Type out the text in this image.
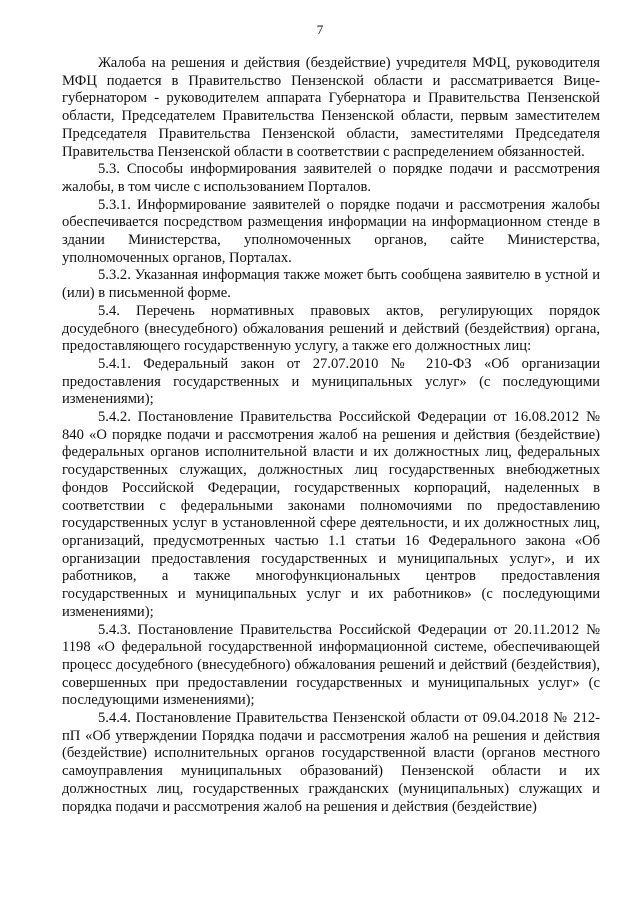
7

Жалоба на решения и действия (бездействие) учредителя МФЦ, руководителя МФЦ подается в Правительство Пензенской области и рассматривается Вице-губернатором - руководителем аппарата Губернатора и Правительства Пензенской области, Председателем Правительства Пензенской области, первым заместителем Председателя Правительства Пензенской области, заместителями Председателя Правительства Пензенской области в соответствии с распределением обязанностей.

5.3. Способы информирования заявителей о порядке подачи и рассмотрения жалобы, в том числе с использованием Порталов.

5.3.1. Информирование заявителей о порядке подачи и рассмотрения жалобы обеспечивается посредством размещения информации на информационном стенде в здании Министерства, уполномоченных органов, сайте Министерства, уполномоченных органов, Порталах.

5.3.2. Указанная информация также может быть сообщена заявителю в устной и (или) в письменной форме.

5.4. Перечень нормативных правовых актов, регулирующих порядок досудебного (внесудебного) обжалования решений и действий (бездействия) органа, предоставляющего государственную услугу, а также его должностных лиц:

5.4.1. Федеральный закон от 27.07.2010 № 210-ФЗ «Об организации предоставления государственных и муниципальных услуг» (с последующими изменениями);

5.4.2. Постановление Правительства Российской Федерации от 16.08.2012 № 840 «О порядке подачи и рассмотрения жалоб на решения и действия (бездействие) федеральных органов исполнительной власти и их должностных лиц, федеральных государственных служащих, должностных лиц государственных внебюджетных фондов Российской Федерации, государственных корпораций, наделенных в соответствии с федеральными законами полномочиями по предоставлению государственных услуг в установленной сфере деятельности, и их должностных лиц, организаций, предусмотренных частью 1.1 статьи 16 Федерального закона «Об организации предоставления государственных и муниципальных услуг», и их работников, а также многофункциональных центров предоставления государственных и муниципальных услуг и их работников» (с последующими изменениями);

5.4.3. Постановление Правительства Российской Федерации от 20.11.2012 № 1198 «О федеральной государственной информационной системе, обеспечивающей процесс досудебного (внесудебного) обжалования решений и действий (бездействия), совершенных при предоставлении государственных и муниципальных услуг» (с последующими изменениями);

5.4.4. Постановление Правительства Пензенской области от 09.04.2018 № 212-пП «Об утверждении Порядка подачи и рассмотрения жалоб на решения и действия (бездействие) исполнительных органов государственной власти (органов местного самоуправления муниципальных образований) Пензенской области и их должностных лиц, государственных гражданских (муниципальных) служащих и порядка подачи и рассмотрения жалоб на решения и действия (бездействие)
